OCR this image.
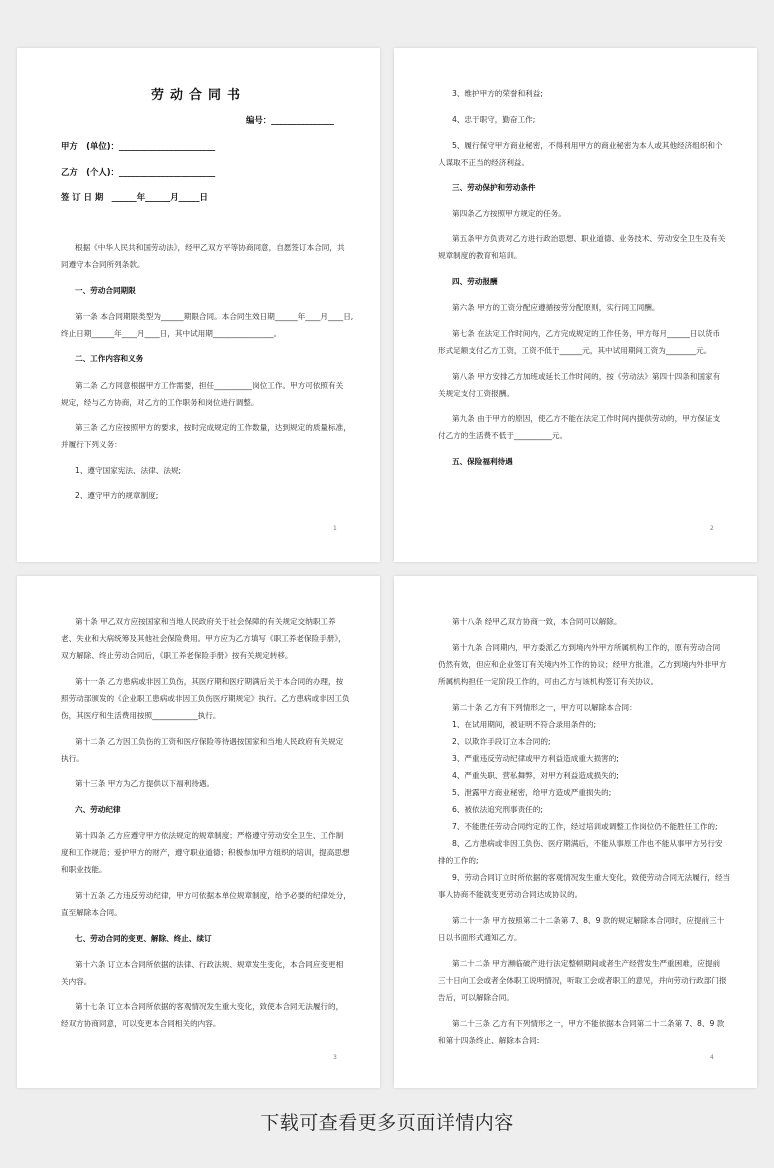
劳动合同书
编号：_______________
甲方　(单位)：_______________________
乙方　(个人)：_______________________
签 订 日 期　______年______月_____日
根据《中华人民共和国劳动法》，经甲乙双方平等协商同意，自愿签订本合同，共
同遵守本合同所列条款。
一、劳动合同期限
第一条 本合同期限类型为______期限合同。本合同生效日期______年____月____日,
终止日期______年____月____日，其中试用期________________。
二、工作内容和义务
第二条 乙方同意根据甲方工作需要，担任__________岗位工作。甲方可依照有关
规定，经与乙方协商，对乙方的工作职务和岗位进行调整。
第三条 乙方应按照甲方的要求，按时完成规定的工作数量，达到规定的质量标准，
并履行下列义务：
1、遵守国家宪法、法律、法规;
2、遵守甲方的规章制度;
1
3、维护甲方的荣誉和利益;
4、忠于职守，勤奋工作;
5、履行保守甲方商业秘密，不得利用甲方的商业秘密为本人或其他经济组织和个
人谋取不正当的经济利益。
三、劳动保护和劳动条件
第四条乙方按照甲方规定的任务。
第五条甲方负责对乙方进行政治思想、职业道德、业务技术、劳动安全卫生及有关
规章制度的教育和培训。
四、劳动报酬
第六条 甲方的工资分配应遵循按劳分配原则，实行同工同酬。
第七条 在法定工作时间内，乙方完成规定的工作任务，甲方每月______日以货币
形式足额支付乙方工资，工资不低于______元，其中试用期间工资为________元。
第八条 甲方安排乙方加班或延长工作时间的，按《劳动法》第四十四条和国家有
关规定支付工资报酬。
第九条 由于甲方的原因，使乙方不能在法定工作时间内提供劳动的，甲方保证支
付乙方的生活费不低于__________元。
五、保险福利待遇
2
第十条 甲乙双方应按国家和当地人民政府关于社会保障的有关规定交纳职工养
老、失业和大病统筹及其他社会保险费用。甲方应为乙方填写《职工养老保险手册》，
双方解除、终止劳动合同后，《职工养老保险手册》按有关规定转移。
第十一条 乙方患病或非因工负伤，其医疗期和医疗期满后关于本合同的办理，按
照劳动部颁发的《企业职工患病或非因工负伤医疗期规定》执行。乙方患病或非因工负
伤，其医疗和生活费用按照____________执行。
第十二条 乙方因工负伤的工资和医疗保险等待遇按国家和当地人民政府有关规定
执行。
第十三条 甲方为乙方提供以下福利待遇。
六、劳动纪律
第十四条 乙方应遵守甲方依法规定的规章制度；严格遵守劳动安全卫生、工作制
度和工作规范；爱护甲方的财产，遵守职业道德；积极参加甲方组织的培训，提高思想
和职业技能。
第十五条 乙方违反劳动纪律，甲方可依据本单位规章制度，给予必要的纪律处分，
直至解除本合同。
七、劳动合同的变更、解除、终止、续订
第十六条 订立本合同所依据的法律、行政法规、规章发生变化，本合同应变更相
关内容。
第十七条 订立本合同所依据的客观情况发生重大变化，致使本合同无法履行的，
经双方协商同意，可以变更本合同相关的内容。
3
第十八条 经甲乙双方协商一致，本合同可以解除。
第十九条 合同期内，甲方委派乙方到境内外甲方所属机构工作的，原有劳动合同
仍然有效，但应和企业签订有关境内外工作的协议；经甲方批准，乙方到境内外非甲方
所属机构担任一定阶段工作的，可由乙方与该机构签订有关协议。
第二十条 乙方有下列情形之一，甲方可以解除本合同：
1、在试用期间，被证明不符合录用条件的;
2、以欺诈手段订立本合同的;
3、严重违反劳动纪律或甲方利益造成重大损害的;
4、严重失职、营私舞弊，对甲方利益造成损失的;
5、泄露甲方商业秘密，给甲方造成严重损失的;
6、被依法追究刑事责任的;
7、不能胜任劳动合同约定的工作，经过培训或调整工作岗位仍不能胜任工作的;
8、乙方患病或非因工负伤、医疗期满后，不能从事原工作也不能从事甲方另行安
排的工作的;
9、劳动合同订立时所依据的客观情况发生重大变化，致使劳动合同无法履行，经当
事人协商不能就变更劳动合同达成协议的。
第二十一条 甲方按照第二十二条第 7、8、9 款的规定解除本合同时，应提前三十
日以书面形式通知乙方。
第二十二条 甲方濒临破产进行法定整顿期间或者生产经营发生严重困难，应提前
三十日向工会或者全体职工说明情况，听取工会或者职工的意见，并向劳动行政部门报
告后，可以解除合同。
第二十三条 乙方有下列情形之一，甲方不能依据本合同第二十二条第 7、8、9 款
和第十四条终止、解除本合同:
4
下载可查看更多页面详情内容
